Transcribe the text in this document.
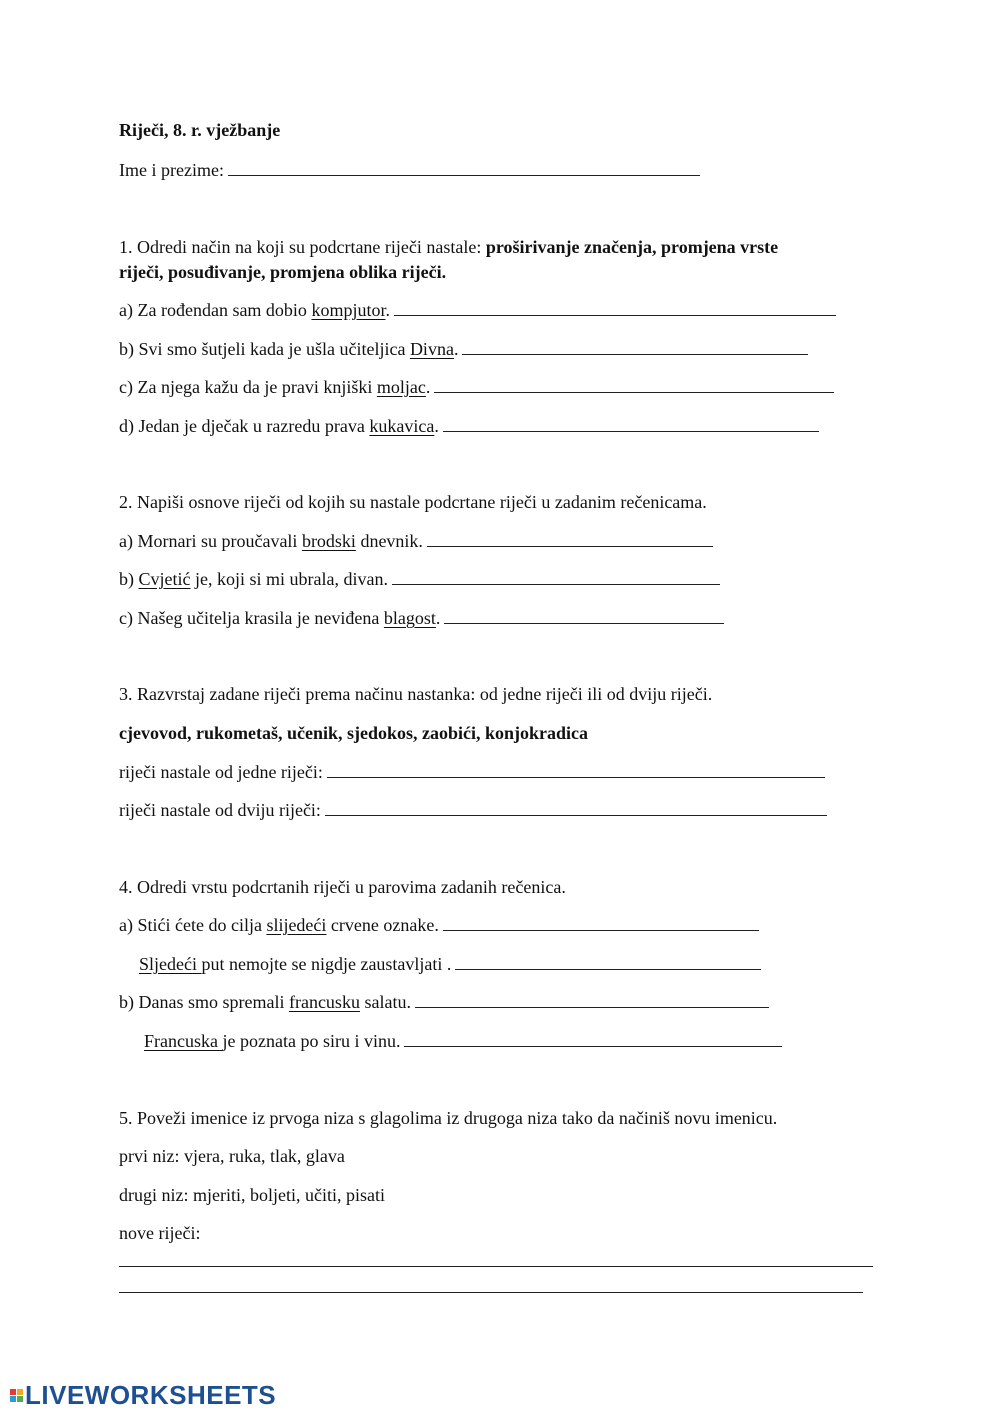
Riječi, 8. r. vježbanje
Ime i prezime:
1. Odredi način na koji su podcrtane riječi nastale: proširivanje značenja, promjena vrste
riječi, posuđivanje, promjena oblika riječi.
a) Za rođendan sam dobio kompjutor.
b) Svi smo šutjeli kada je ušla učiteljica Divna.
c) Za njega kažu da je pravi knjiški moljac.
d) Jedan je dječak u razredu prava kukavica.
2. Napiši osnove riječi od kojih su nastale podcrtane riječi u zadanim rečenicama.
a) Mornari su proučavali brodski dnevnik.
b) Cvjetić je, koji si mi ubrala, divan.
c) Našeg učitelja krasila je neviđena blagost.
3. Razvrstaj zadane riječi prema načinu nastanka: od jedne riječi ili od dviju riječi.
cjevovod, rukometaš, učenik, sjedokos, zaobići, konjokradica
riječi nastale od jedne riječi:
riječi nastale od dviju riječi:
4. Odredi vrstu podcrtanih riječi u parovima zadanih rečenica.
a) Stići ćete do cilja slijedeći crvene oznake.
Sljedeći put nemojte se nigdje zaustavljati .
b) Danas smo spremali francusku salatu.
Francuska je poznata po siru i vinu.
5. Poveži imenice iz prvoga niza s glagolima iz drugoga niza tako da načiniš novu imenicu.
prvi niz: vjera, ruka, tlak, glava
drugi niz: mjeriti, boljeti, učiti, pisati
nove riječi:
LIVEWORKSHEETS
